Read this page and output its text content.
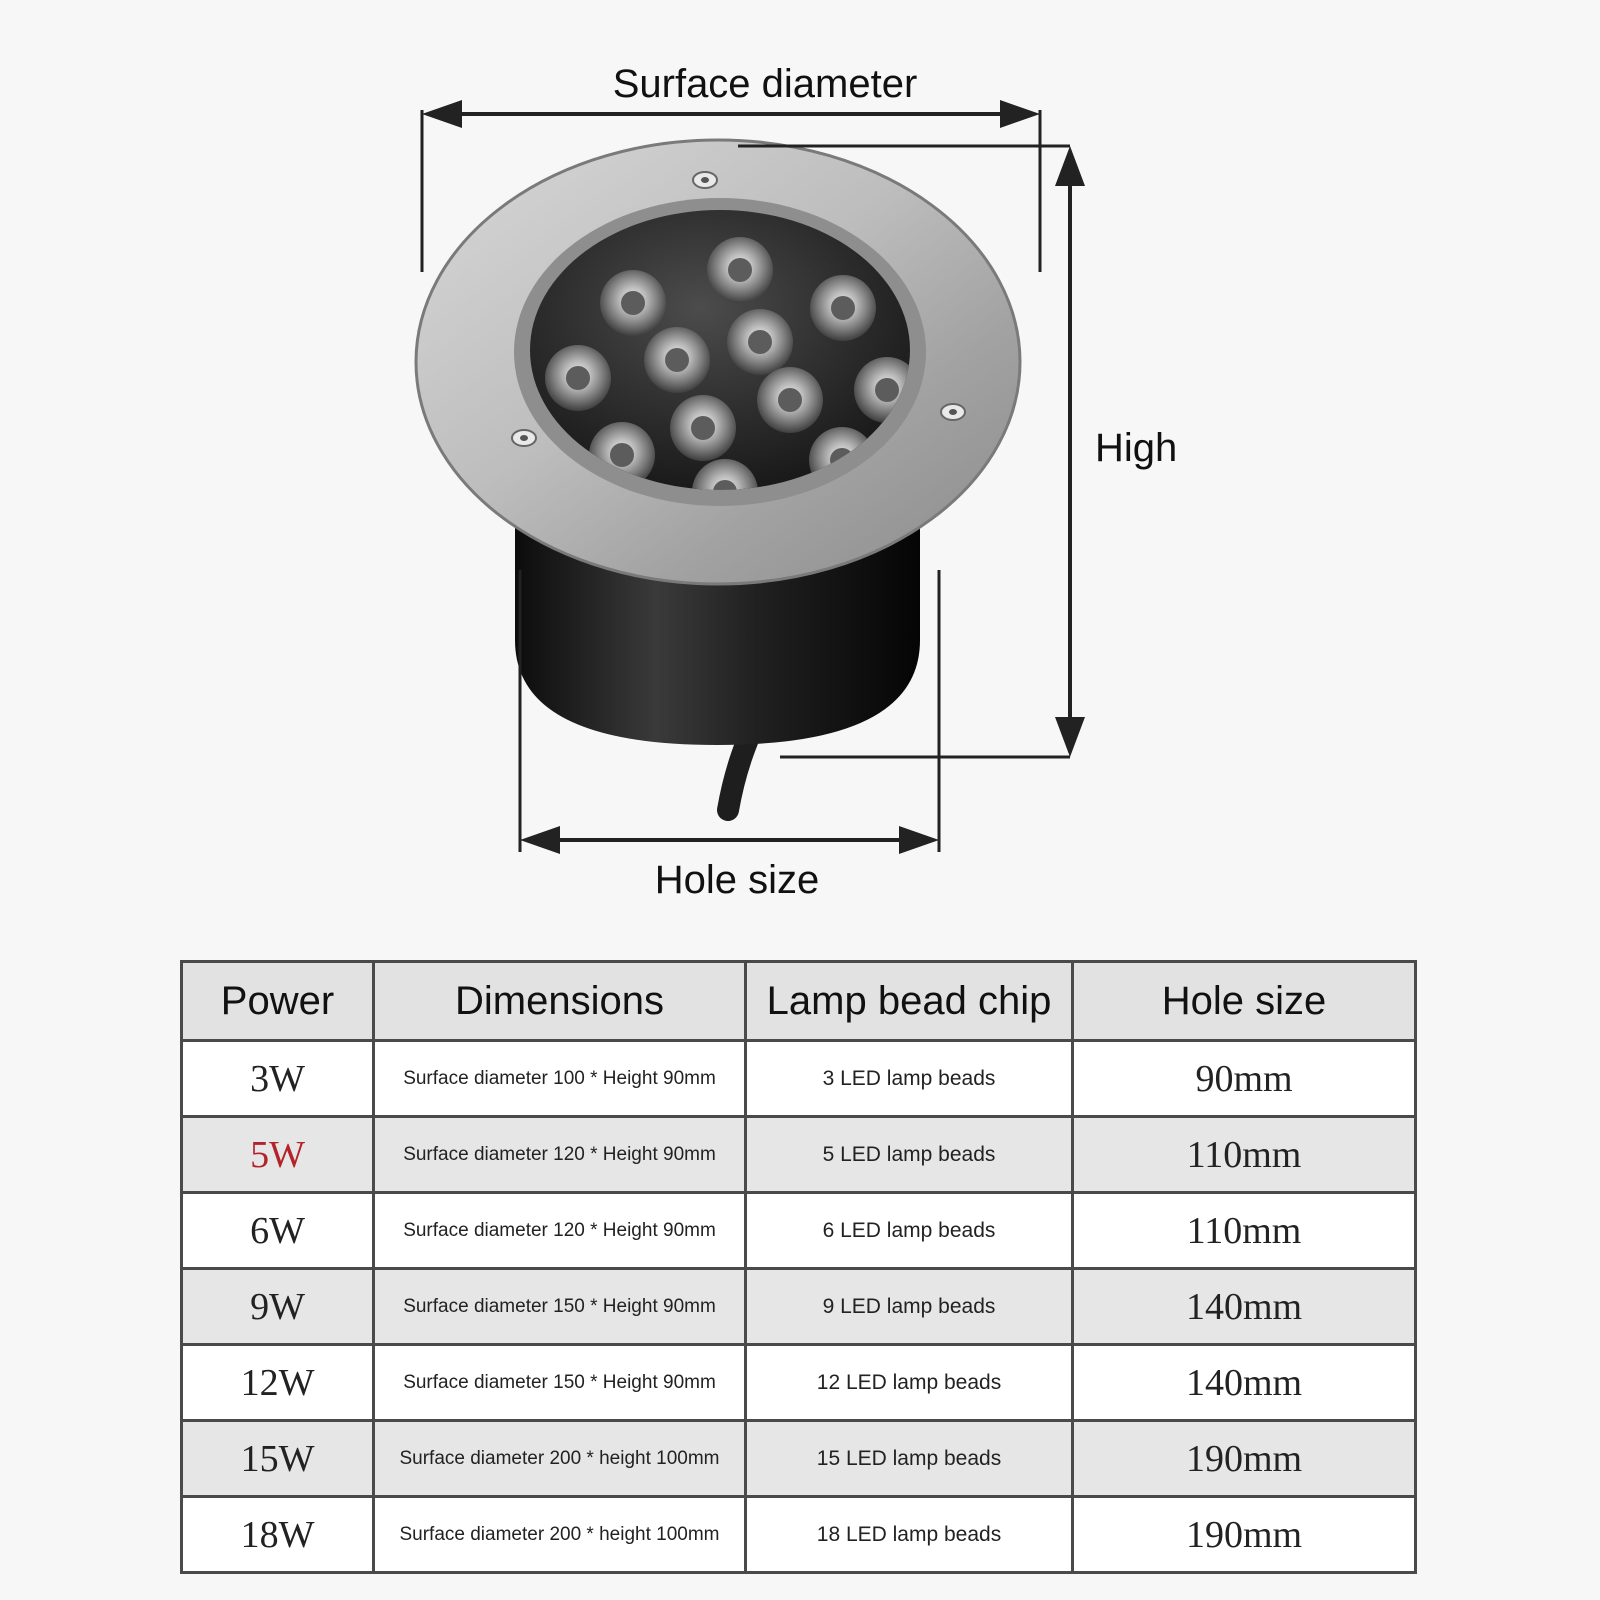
Surface diameter
High
Hole size
Power	Dimensions	Lamp bead chip	Hole size
3W	Surface diameter 100 * Height 90mm	3 LED lamp beads	90mm
5W	Surface diameter 120 * Height 90mm	5 LED lamp beads	110mm
6W	Surface diameter 120 * Height 90mm	6 LED lamp beads	110mm
9W	Surface diameter 150 * Height 90mm	9 LED lamp beads	140mm
12W	Surface diameter 150 * Height 90mm	12 LED lamp beads	140mm
15W	Surface diameter 200 * height 100mm	15 LED lamp beads	190mm
18W	Surface diameter 200 * height 100mm	18 LED lamp beads	190mm
